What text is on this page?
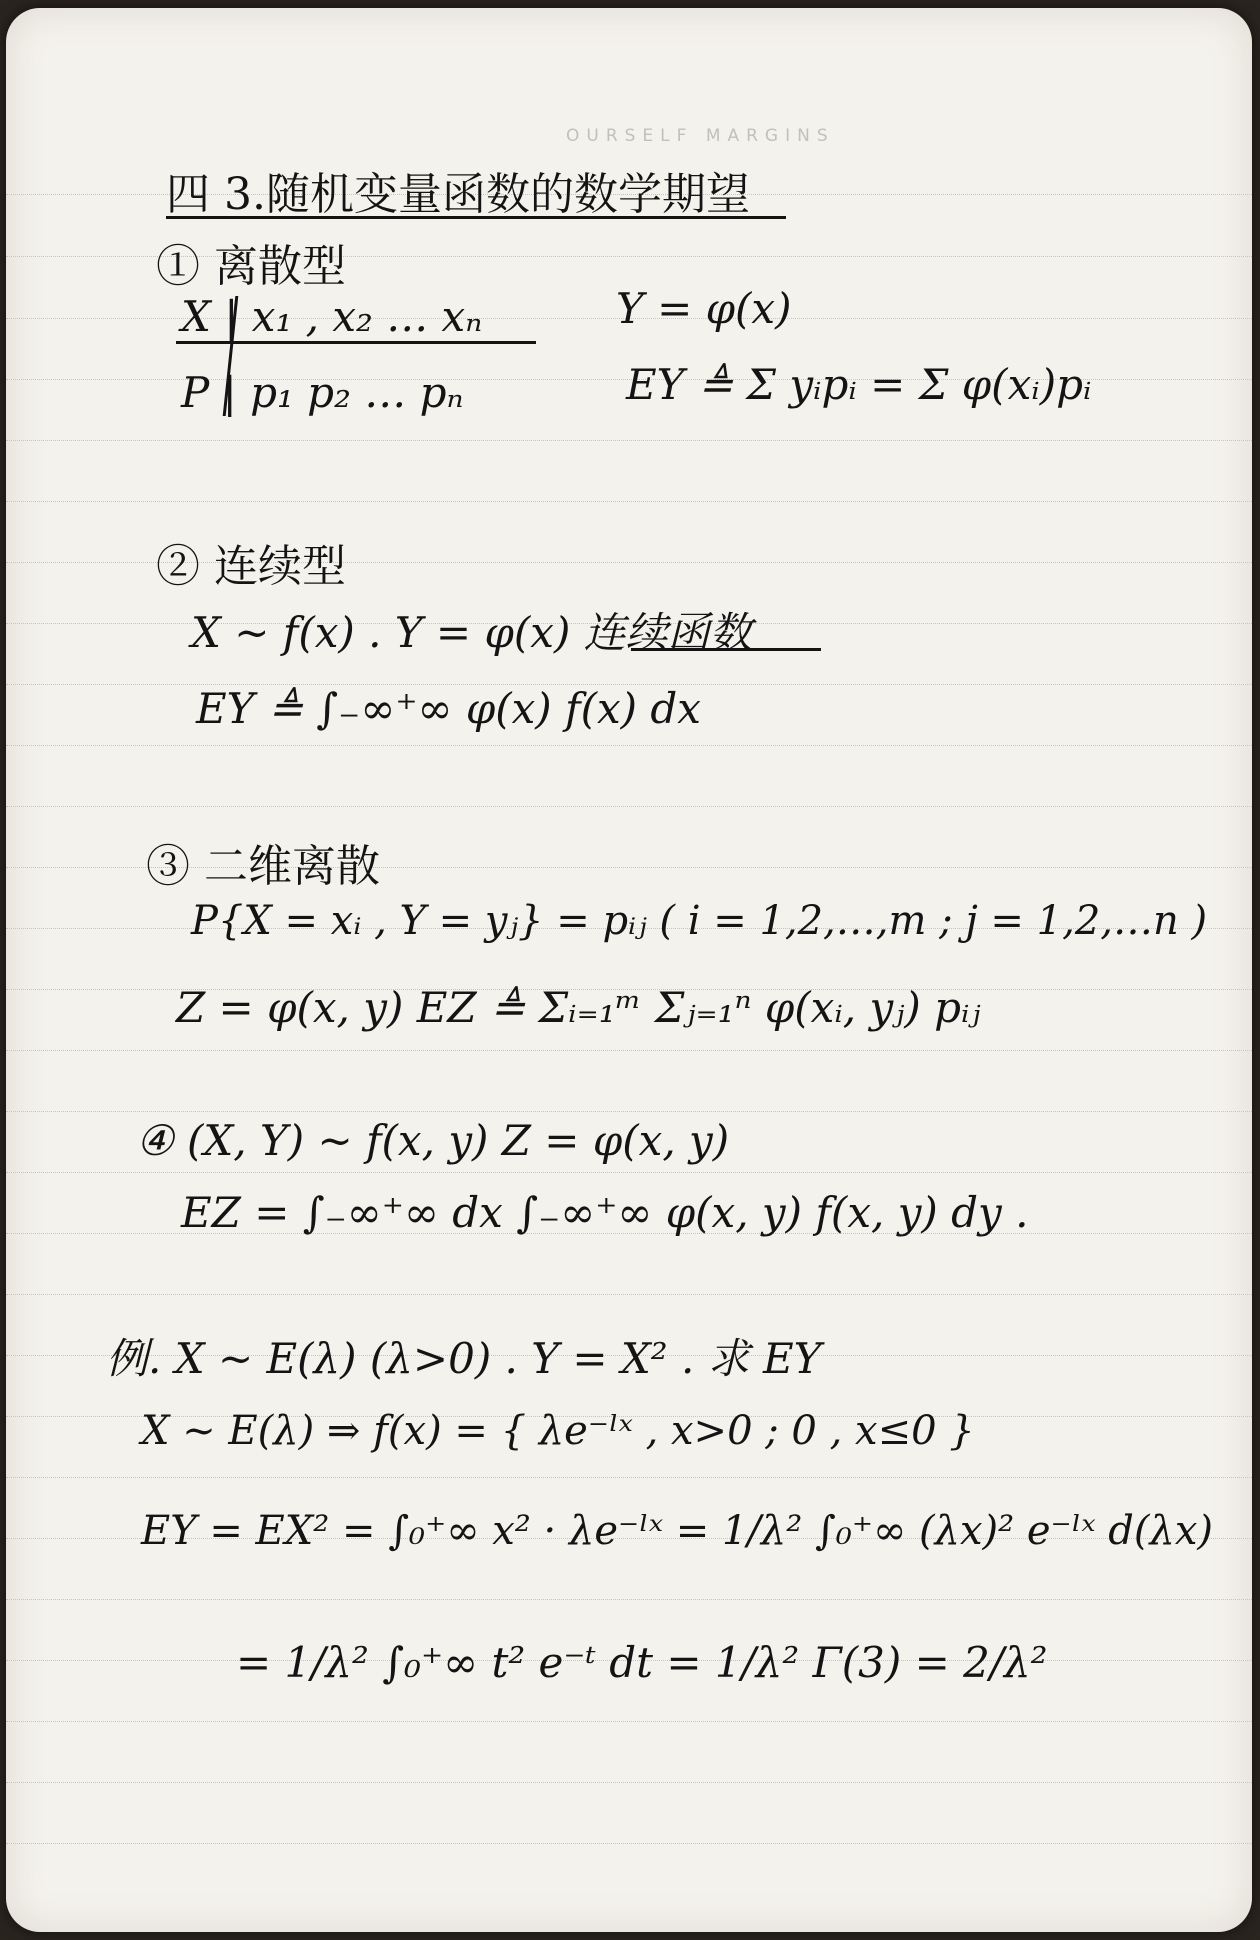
OURSELF MARGINS
四 3.随机变量函数的数学期望
① 离散型
X | x₁ , x₂ … xₙ
P | p₁ p₂ … pₙ
Y = φ(x)
EY ≜ Σ yᵢpᵢ = Σ φ(xᵢ)pᵢ
② 连续型
X ~ f(x) . Y = φ(x) 连续函数
EY ≜ ∫₋∞⁺∞ φ(x) f(x) dx
③ 二维离散
P{X = xᵢ , Y = yⱼ} = pᵢⱼ ( i = 1,2,…,m ; j = 1,2,…n )
Z = φ(x, y) EZ ≜ Σᵢ₌₁ᵐ Σⱼ₌₁ⁿ φ(xᵢ, yⱼ) pᵢⱼ
④ (X, Y) ~ f(x, y) Z = φ(x, y)
EZ = ∫₋∞⁺∞ dx ∫₋∞⁺∞ φ(x, y) f(x, y) dy .
例. X ~ E(λ) (λ>0) . Y = X² . 求 EY
X ~ E(λ) ⇒ f(x) = { λe⁻ˡˣ , x>0 ; 0 , x≤0 }
EY = EX² = ∫₀⁺∞ x² · λe⁻ˡˣ = 1/λ² ∫₀⁺∞ (λx)² e⁻ˡˣ d(λx)
= 1/λ² ∫₀⁺∞ t² e⁻ᵗ dt = 1/λ² Γ(3) = 2/λ²
